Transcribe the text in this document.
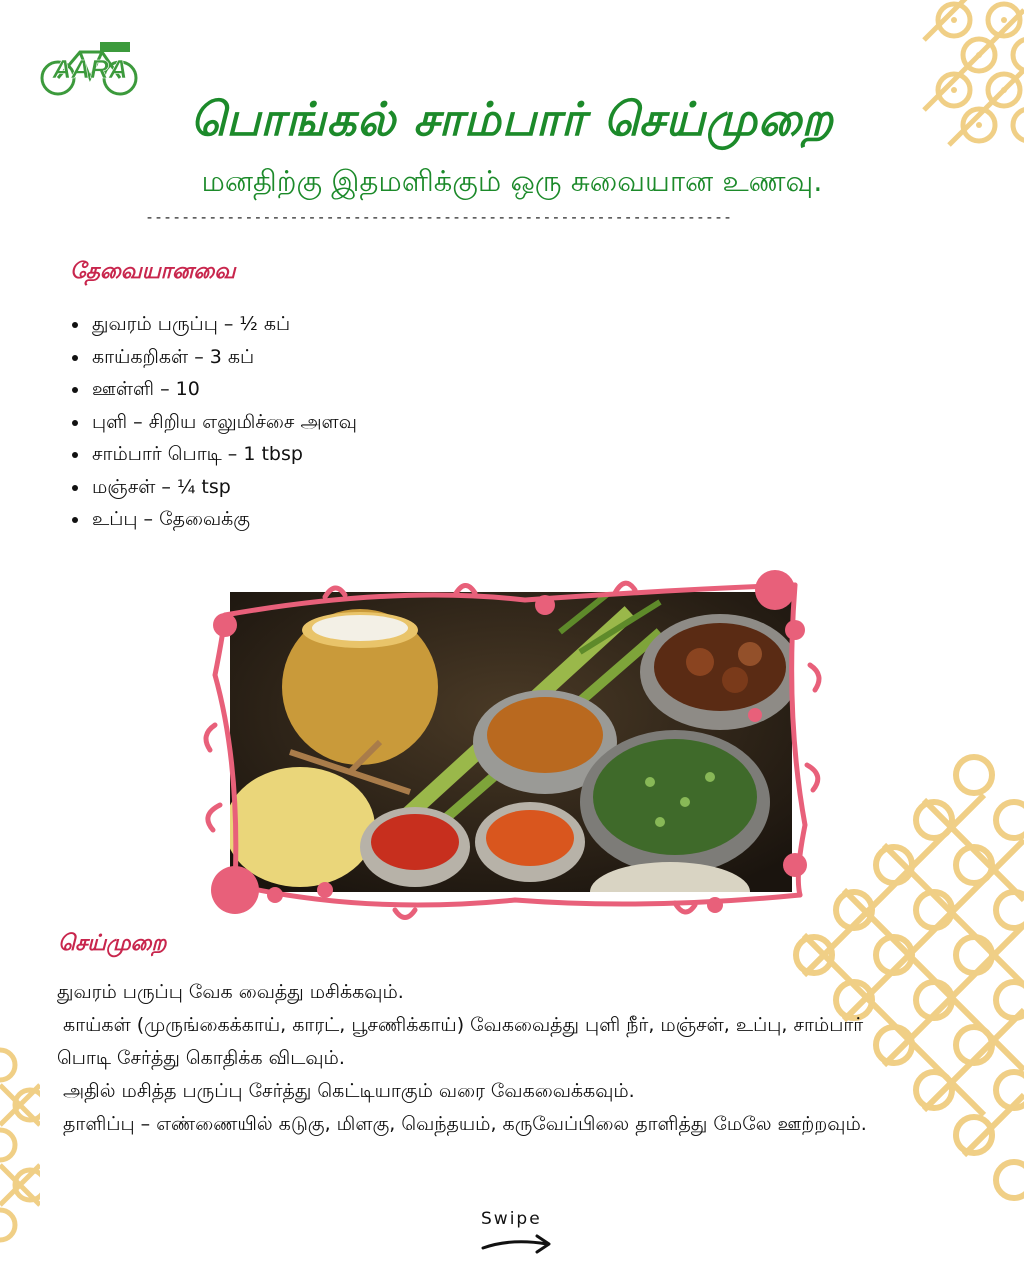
AARA
பொங்கல் சாம்பார் செய்முறை
மனதிற்கு இதமளிக்கும் ஒரு சுவையான உணவு.
-----------------------------------------------------------------
தேவையானவை
• துவரம் பருப்பு – ½ கப்
• காய்கறிகள் – 3 கப்
• ஊள்ளி – 10
• புளி – சிறிய எலுமிச்சை அளவு
• சாம்பார் பொடி – 1 tbsp
• மஞ்சள் – ¼ tsp
• உப்பு – தேவைக்கு
செய்முறை

துவரம் பருப்பு வேக வைத்து மசிக்கவும்.

காய்கள் (முருங்கைக்காய், காரட், பூசணிக்காய்) வேகவைத்து புளி நீர், மஞ்சள், உப்பு, சாம்பார் பொடி சேர்த்து கொதிக்க விடவும்.

அதில் மசித்த பருப்பு சேர்த்து கெட்டியாகும் வரை வேகவைக்கவும்.

தாளிப்பு – எண்ணையில் கடுகு, மிளகு, வெந்தயம், கருவேப்பிலை தாளித்து மேலே ஊற்றவும்.

Swipe
